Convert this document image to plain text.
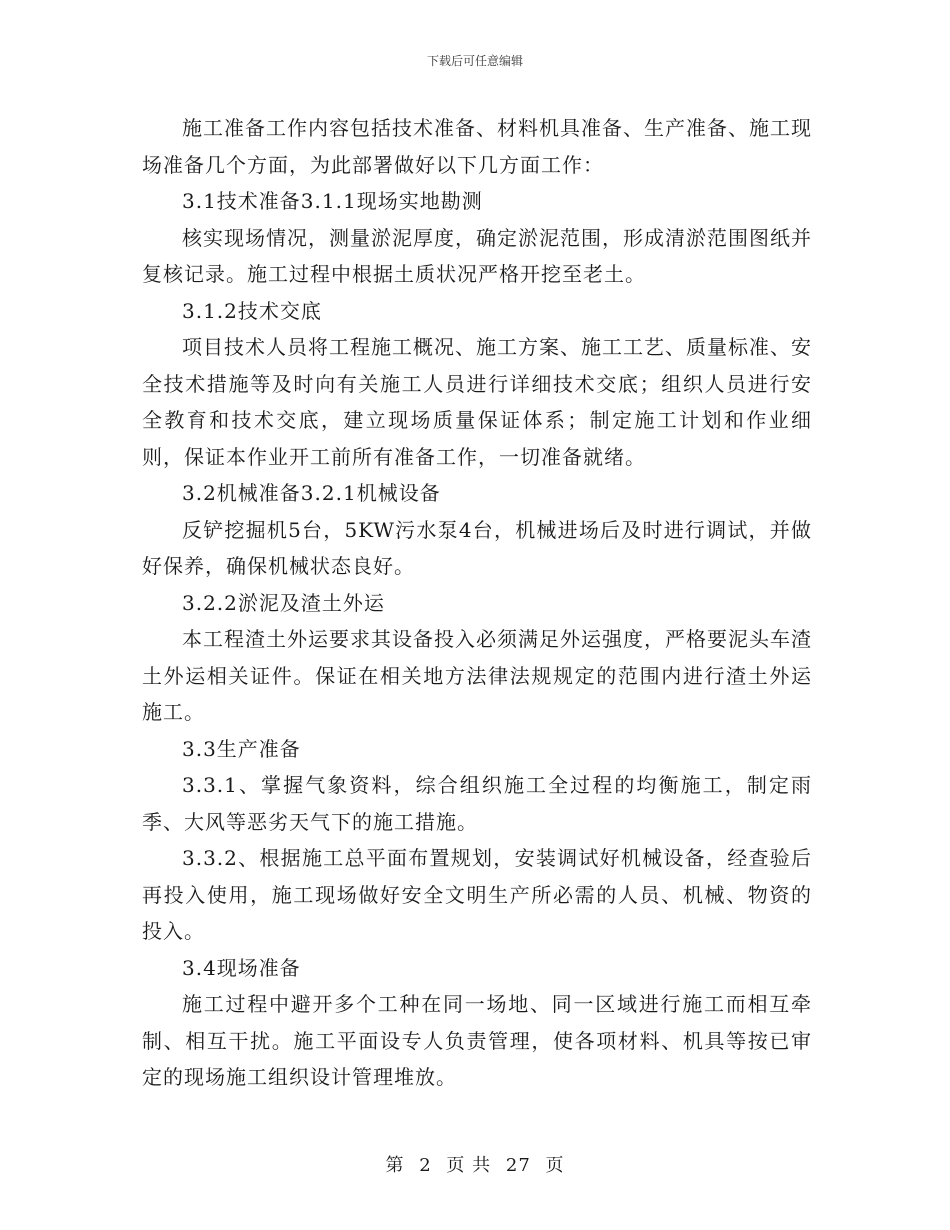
下载后可任意编辑

施工准备工作内容包括技术准备、材料机具准备、生产准备、施工现场准备几个方面，为此部署做好以下几方面工作：

3.1技术准备3.1.1现场实地勘测

核实现场情况，测量淤泥厚度，确定淤泥范围，形成清淤范围图纸并复核记录。施工过程中根据土质状况严格开挖至老土。

3.1.2技术交底

项目技术人员将工程施工概况、施工方案、施工工艺、质量标准、安全技术措施等及时向有关施工人员进行详细技术交底；组织人员进行安全教育和技术交底，建立现场质量保证体系；制定施工计划和作业细则，保证本作业开工前所有准备工作，一切准备就绪。

3.2机械准备3.2.1机械设备

反铲挖掘机5台，5KW污水泵4台，机械进场后及时进行调试，并做好保养，确保机械状态良好。

3.2.2淤泥及渣土外运

本工程渣土外运要求其设备投入必须满足外运强度，严格要泥头车渣土外运相关证件。保证在相关地方法律法规规定的范围内进行渣土外运施工。

3.3生产准备

3.3.1、掌握气象资料，综合组织施工全过程的均衡施工，制定雨季、大风等恶劣天气下的施工措施。

3.3.2、根据施工总平面布置规划，安装调试好机械设备，经查验后再投入使用，施工现场做好安全文明生产所必需的人员、机械、物资的投入。

3.4现场准备

施工过程中避开多个工种在同一场地、同一区域进行施工而相互牵制、相互干扰。施工平面设专人负责管理，使各项材料、机具等按已审定的现场施工组织设计管理堆放。

第 2 页 共 27 页
